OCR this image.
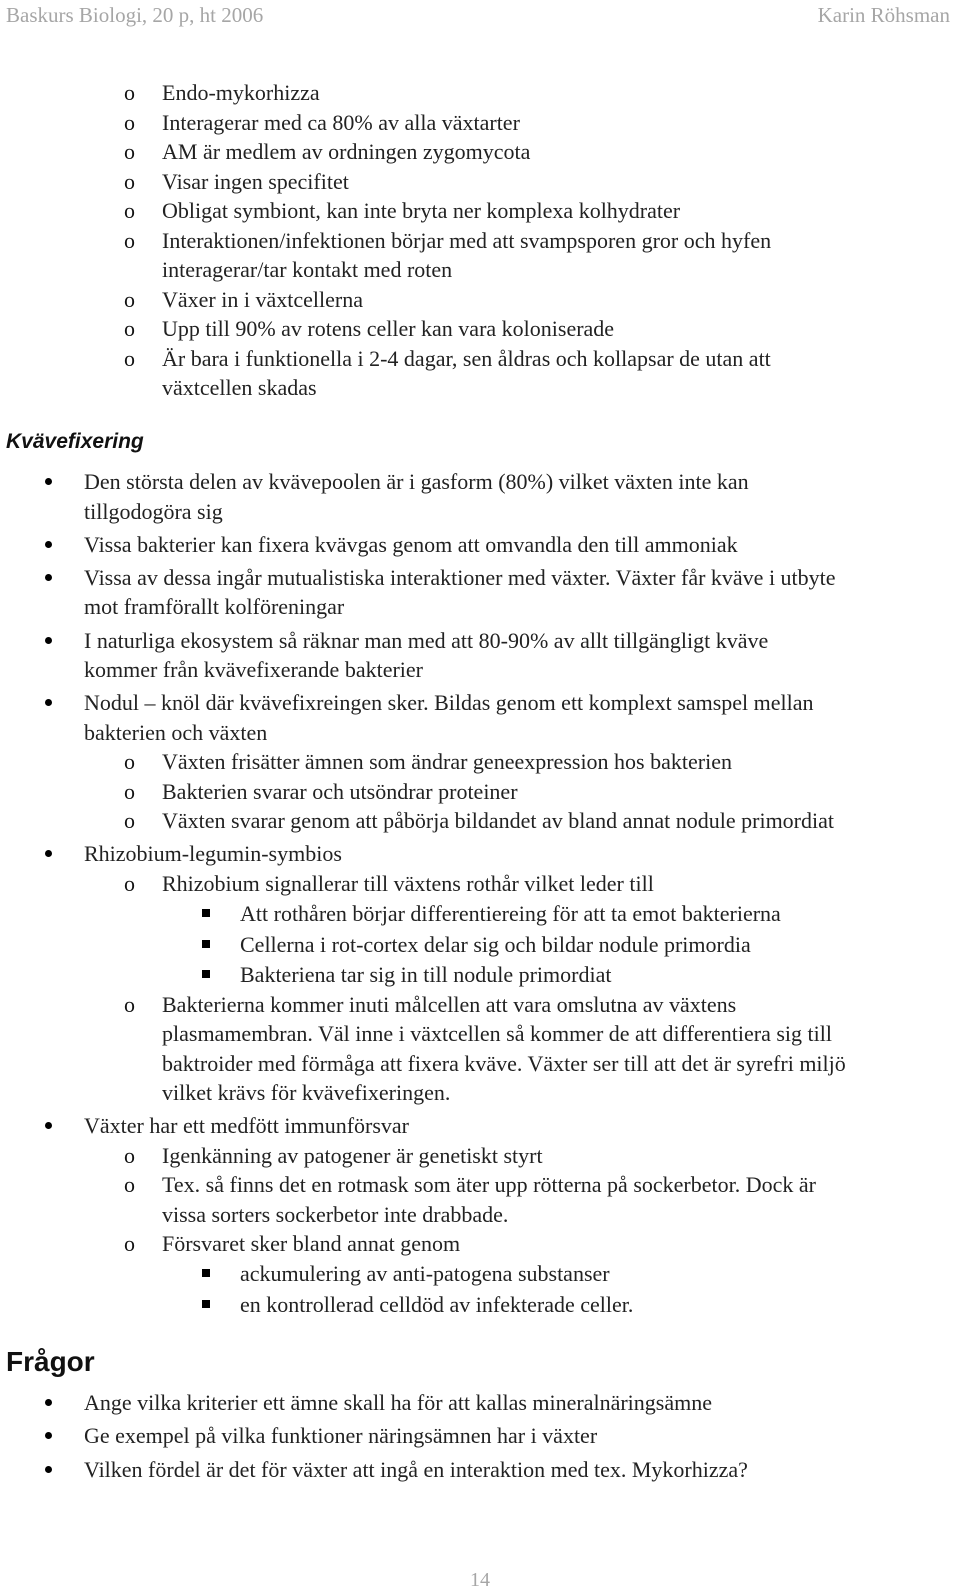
Baskurs Biologi, 20 p, ht 2006	Karin Röhsman
Kvävefixering
Frågor
o Endo-mykorhizza
o Interagerar med ca 80% av alla växtarter
o AM är medlem av ordningen zygomycota
o Visar ingen specifitet
o Obligat symbiont, kan inte bryta ner komplexa kolhydrater
o Interaktionen/infektionen börjar med att svampsporen gror och hyfen
interagerar/tar kontakt med roten
o Växer in i växtcellerna
o Upp till 90% av rotens celler kan vara koloniserade
o Är bara i funktionella i 2-4 dagar, sen åldras och kollapsar de utan att
växtcellen skadas
Den största delen av kvävepoolen är i gasform (80%) vilket växten inte kan
tillgodogöra sig
Vissa bakterier kan fixera kvävgas genom att omvandla den till ammoniak
Vissa av dessa ingår mutualistiska interaktioner med växter. Växter får kväve i utbyte
mot framförallt kolföreningar
I naturliga ekosystem så räknar man med att 80-90% av allt tillgängligt kväve
kommer från kvävefixerande bakterier
Nodul – knöl där kvävefixreingen sker. Bildas genom ett komplext samspel mellan
bakterien och växten
o Växten frisätter ämnen som ändrar geneexpression hos bakterien
o Bakterien svarar och utsöndrar proteiner
o Växten svarar genom att påbörja bildandet av bland annat nodule primordiat
Rhizobium-legumin-symbios
o Rhizobium signallerar till växtens rothår vilket leder till
Att rothåren börjar differentiereing för att ta emot bakterierna
Cellerna i rot-cortex delar sig och bildar nodule primordia
Bakteriena tar sig in till nodule primordiat
o Bakterierna kommer inuti målcellen att vara omslutna av växtens
plasmamembran. Väl inne i växtcellen så kommer de att differentiera sig till
baktroider med förmåga att fixera kväve. Växter ser till att det är syrefri miljö
vilket krävs för kvävefixeringen.
Växter har ett medfött immunförsvar
o Igenkänning av patogener är genetiskt styrt
o Tex. så finns det en rotmask som äter upp rötterna på sockerbetor. Dock är
vissa sorters sockerbetor inte drabbade.
o Försvaret sker bland annat genom
ackumulering av anti-patogena substanser
en kontrollerad celldöd av infekterade celler.
Ange vilka kriterier ett ämne skall ha för att kallas mineralnäringsämne
Ge exempel på vilka funktioner näringsämnen har i växter
Vilken fördel är det för växter att ingå en interaktion med tex. Mykorhizza?
14
